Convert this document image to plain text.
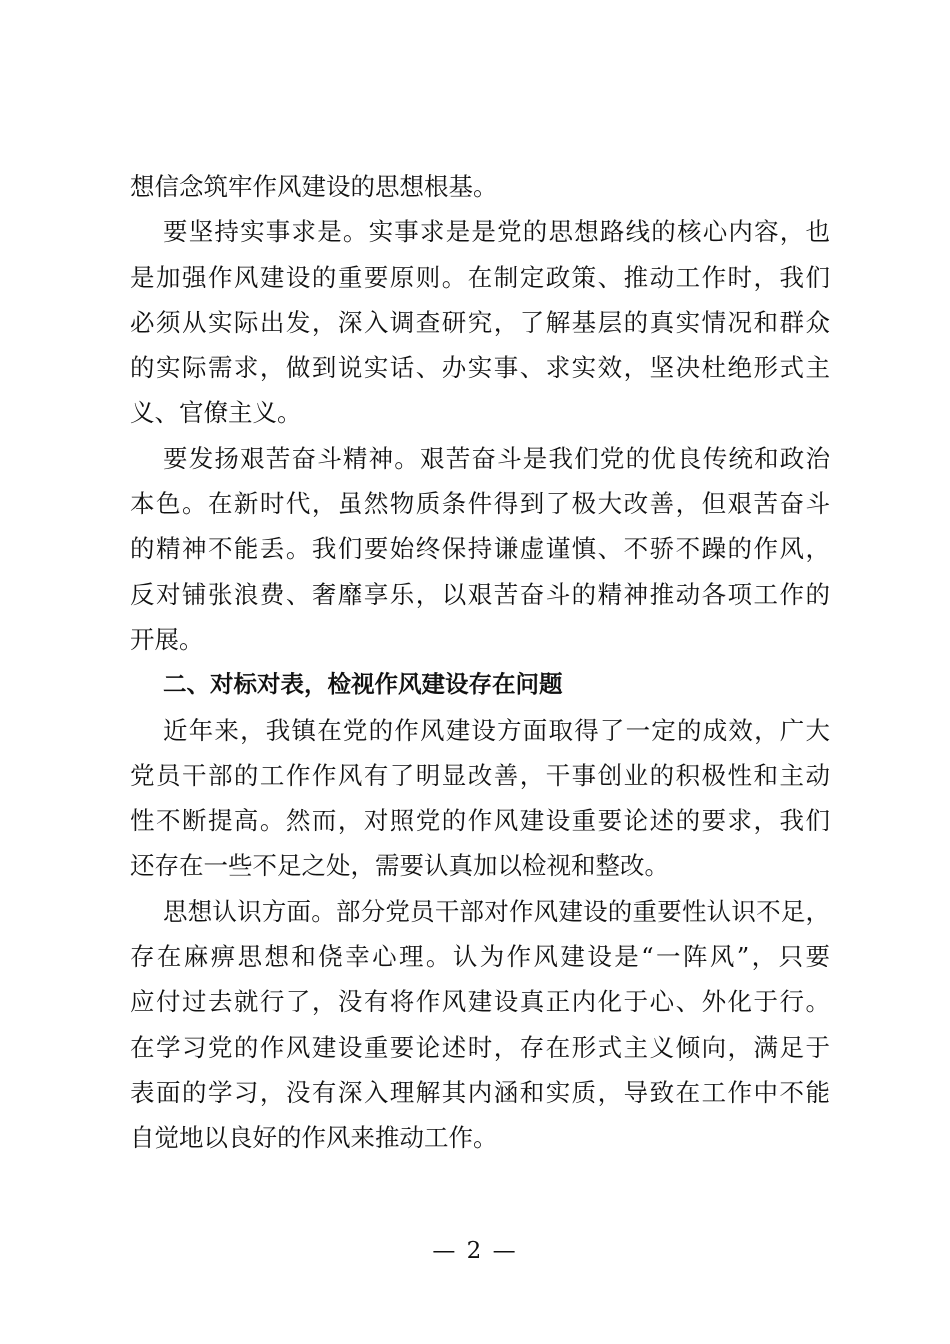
想信念筑牢作风建设的思想根基。
要坚持实事求是。实事求是是党的思想路线的核心内容，也
是加强作风建设的重要原则。在制定政策、推动工作时，我们
必须从实际出发，深入调查研究，了解基层的真实情况和群众
的实际需求，做到说实话、办实事、求实效，坚决杜绝形式主
义、官僚主义。
要发扬艰苦奋斗精神。艰苦奋斗是我们党的优良传统和政治
本色。在新时代，虽然物质条件得到了极大改善，但艰苦奋斗
的精神不能丢。我们要始终保持谦虚谨慎、不骄不躁的作风，
反对铺张浪费、奢靡享乐，以艰苦奋斗的精神推动各项工作的
开展。
二、对标对表，检视作风建设存在问题
近年来，我镇在党的作风建设方面取得了一定的成效，广大
党员干部的工作作风有了明显改善，干事创业的积极性和主动
性不断提高。然而，对照党的作风建设重要论述的要求，我们
还存在一些不足之处，需要认真加以检视和整改。
思想认识方面。部分党员干部对作风建设的重要性认识不足，
存在麻痹思想和侥幸心理。认为作风建设是“一阵风”，只要
应付过去就行了，没有将作风建设真正内化于心、外化于行。
在学习党的作风建设重要论述时，存在形式主义倾向，满足于
表面的学习，没有深入理解其内涵和实质，导致在工作中不能
自觉地以良好的作风来推动工作。
— 2 —
